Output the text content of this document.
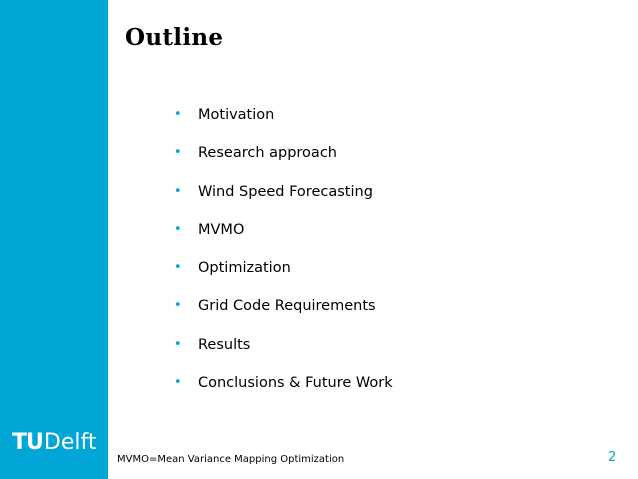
Outline
•	Motivation
•	Research approach
•	Wind Speed Forecasting
•	MVMO
•	Optimization
•	Grid Code Requirements
•	Results
•	Conclusions & Future Work
TU Delft
MVMO=Mean Variance Mapping Optimization	2
